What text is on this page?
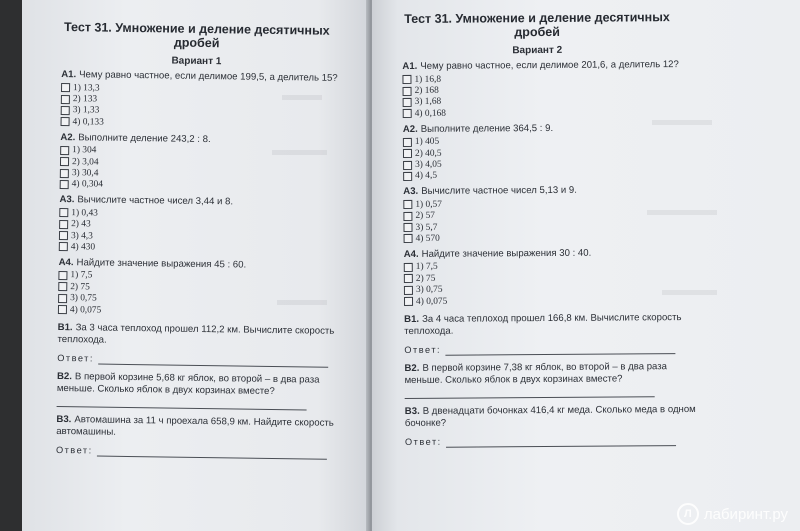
Тест 31. Умножение и деление десятичных дробей
Вариант 1
А1. Чему равно частное, если делимое 199,5, а делитель 15?
1) 13,3
2) 133
3) 1,33
4) 0,133
А2. Выполните деление 243,2 : 8.
1) 304
2) 3,04
3) 30,4
4) 0,304
А3. Вычислите частное чисел 3,44 и 8.
1) 0,43
2) 43
3) 4,3
4) 430
А4. Найдите значение выражения 45 : 60.
1) 7,5
2) 75
3) 0,75
4) 0,075
В1. За 3 часа теплоход прошел 112,2 км. Вычислите скорость теплохода.
Ответ:
В2. В первой корзине 5,68 кг яблок, во второй – в два раза меньше. Сколько яблок в двух корзинах вместе?
В3. Автомашина за 11 ч проехала 658,9 км. Найдите скорость автомашины.
Ответ:
Тест 31. Умножение и деление десятичных дробей
Вариант 2
А1. Чему равно частное, если делимое 201,6, а делитель 12?
1) 16,8
2) 168
3) 1,68
4) 0,168
А2. Выполните деление 364,5 : 9.
1) 405
2) 40,5
3) 4,05
4) 4,5
А3. Вычислите частное чисел 5,13 и 9.
1) 0,57
2) 57
3) 5,7
4) 570
А4. Найдите значение выражения 30 : 40.
1) 7,5
2) 75
3) 0,75
4) 0,075
В1. За 4 часа теплоход прошел 166,8 км. Вычислите скорость теплохода.
Ответ:
В2. В первой корзине 7,38 кг яблок, во второй – в два раза меньше. Сколько яблок в двух корзинах вместе?
В3. В двенадцати бочонках 416,4 кг меда. Сколько меда в одном бочонке?
Ответ:
Л лабиринт.ру
